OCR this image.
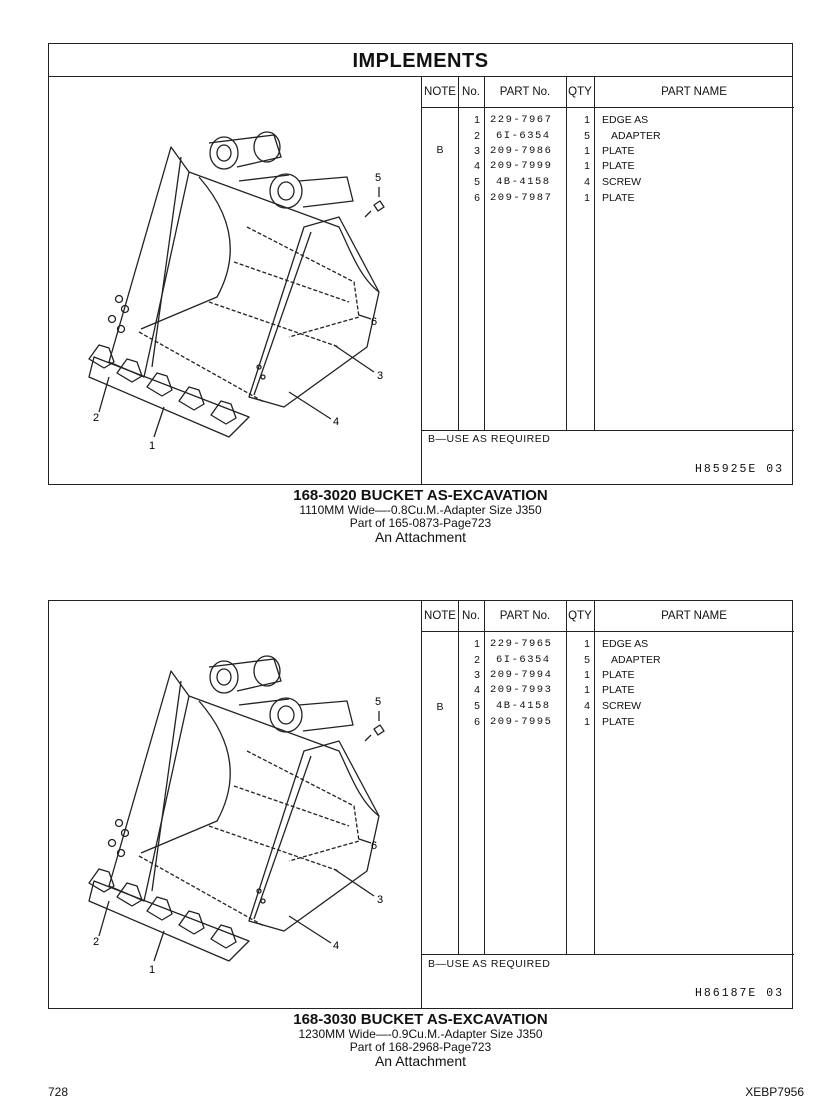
IMPLEMENTS
5
6
3
4
2
1
NOTE No.	PART No.	QTY	PART NAME
B
1 229-7967	1 EDGE AS
2 6I-6354	5 ADAPTER
3 209-7986	1 PLATE
4 209-7999	1 PLATE
5 4B-4158	4 SCREW
6 209-7987	1 PLATE
B—USE AS REQUIRED
H85925E 03
168-3020 BUCKET AS-EXCAVATION
1110MM Wide—-0.8Cu.M.-Adapter Size J350
Part of 165-0873-Page723
An Attachment
5
6
3
4
2
1
NOTE No.	PART No.	QTY	PART NAME
B
1 229-7965	1 EDGE AS
2 6I-6354	5 ADAPTER
3 209-7994	1 PLATE
4 209-7993	1 PLATE
5 4B-4158	4 SCREW
6 209-7995	1 PLATE
B—USE AS REQUIRED
H86187E 03
168-3030 BUCKET AS-EXCAVATION
1230MM Wide—-0.9Cu.M.-Adapter Size J350
Part of 168-2968-Page723
An Attachment
728	XEBP7956
